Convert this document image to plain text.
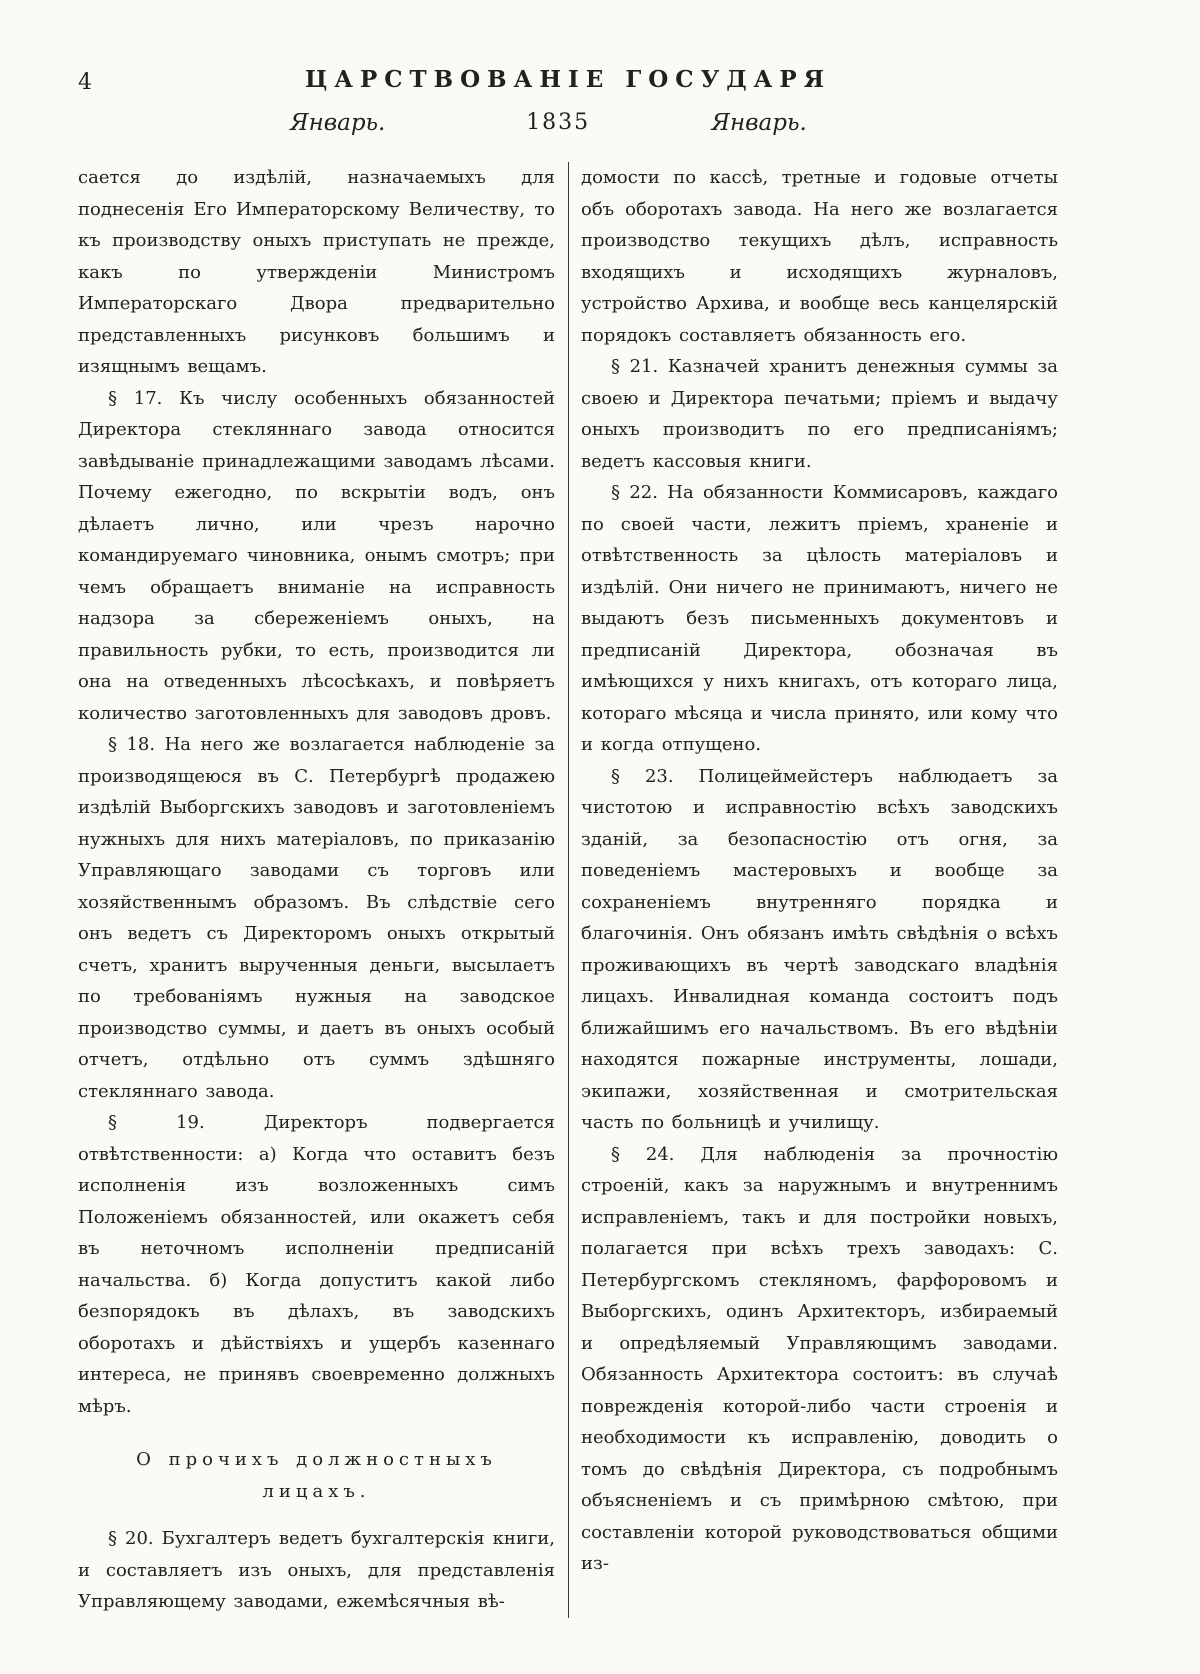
4	ЦАРСТВОВАНІЕ ГОСУДАРЯ
Январь.	1835	Январь.

сается до издѣлій, назначаемыхъ для поднесенія Его Императорскому Величеству, то къ производству оныхъ приступать не прежде, какъ по утвержденіи Министромъ Императорскаго Двора предварительно представленныхъ рисунковъ большимъ и изящнымъ вещамъ.

§ 17. Къ числу особенныхъ обязанностей Директора стекляннаго завода относится завѣдываніе принадлежащими заводамъ лѣсами. Почему ежегодно, по вскрытіи водъ, онъ дѣлаетъ лично, или чрезъ нарочно командируемаго чиновника, онымъ смотръ; при чемъ обращаетъ вниманіе на исправность надзора за сбереженіемъ оныхъ, на правильность рубки, то есть, производится ли она на отведенныхъ лѣсосѣкахъ, и повѣряетъ количество заготовленныхъ для заводовъ дровъ.

§ 18. На него же возлагается наблюденіе за производящеюся въ С. Петербургѣ продажею издѣлій Выборгскихъ заводовъ и заготовленіемъ нужныхъ для нихъ матеріаловъ, по приказанію Управляющаго заводами съ торговъ или хозяйственнымъ образомъ. Въ слѣдствіе сего онъ ведетъ съ Директоромъ оныхъ открытый счетъ, хранитъ вырученныя деньги, высылаетъ по требованіямъ нужныя на заводское производство суммы, и даетъ въ оныхъ особый отчетъ, отдѣльно отъ суммъ здѣшняго стекляннаго завода.

§ 19. Директоръ подвергается отвѣтственности: а) Когда что оставитъ безъ исполненія изъ возложенныхъ симъ Положеніемъ обязанностей, или окажетъ себя въ неточномъ исполненіи предписаній начальства. б) Когда допуститъ какой либо безпорядокъ въ дѣлахъ, въ заводскихъ оборотахъ и дѣйствіяхъ и ущербъ казеннаго интереса, не принявъ своевременно должныхъ мѣръ.

О прочихъ должностныхъ лицахъ.

§ 20. Бухгалтеръ ведетъ бухгалтерскія книги, и составляетъ изъ оныхъ, для представленія Управляющему заводами, ежемѣсячныя вѣ-

домости по кассѣ, третные и годовые отчеты объ оборотахъ завода. На него же возлагается производство текущихъ дѣлъ, исправность входящихъ и исходящихъ журналовъ, устройство Архива, и вообще весь канцелярскій порядокъ составляетъ обязанность его.

§ 21. Казначей хранитъ денежныя суммы за своею и Директора печатьми; пріемъ и выдачу оныхъ производитъ по его предписаніямъ; ведетъ кассовыя книги.

§ 22. На обязанности Коммисаровъ, каждаго по своей части, лежитъ пріемъ, храненіе и отвѣтственность за цѣлость матеріаловъ и издѣлій. Они ничего не принимаютъ, ничего не выдаютъ безъ письменныхъ документовъ и предписаній Директора, обозначая въ имѣющихся у нихъ книгахъ, отъ котораго лица, котораго мѣсяца и числа принято, или кому что и когда отпущено.

§ 23. Полицеймейстеръ наблюдаетъ за чистотою и исправностію всѣхъ заводскихъ зданій, за безопасностію отъ огня, за поведеніемъ мастеровыхъ и вообще за сохраненіемъ внутренняго порядка и благочинія. Онъ обязанъ имѣть свѣдѣнія о всѣхъ проживающихъ въ чертѣ заводскаго владѣнія лицахъ. Инвалидная команда состоитъ подъ ближайшимъ его начальствомъ. Въ его вѣдѣніи находятся пожарные инструменты, лошади, экипажи, хозяйственная и смотрительская часть по больницѣ и училищу.

§ 24. Для наблюденія за прочностію строеній, какъ за наружнымъ и внутреннимъ исправленіемъ, такъ и для постройки новыхъ, полагается при всѣхъ трехъ заводахъ: С. Петербургскомъ стекляномъ, фарфоровомъ и Выборгскихъ, одинъ Архитекторъ, избираемый и опредѣляемый Управляющимъ заводами. Обязанность Архитектора состоитъ: въ случаѣ поврежденія которой-либо части строенія и необходимости къ исправленію, доводить о томъ до свѣдѣнія Директора, съ подробнымъ объясненіемъ и съ примѣрною смѣтою, при составленіи которой руководствоваться общими из-
